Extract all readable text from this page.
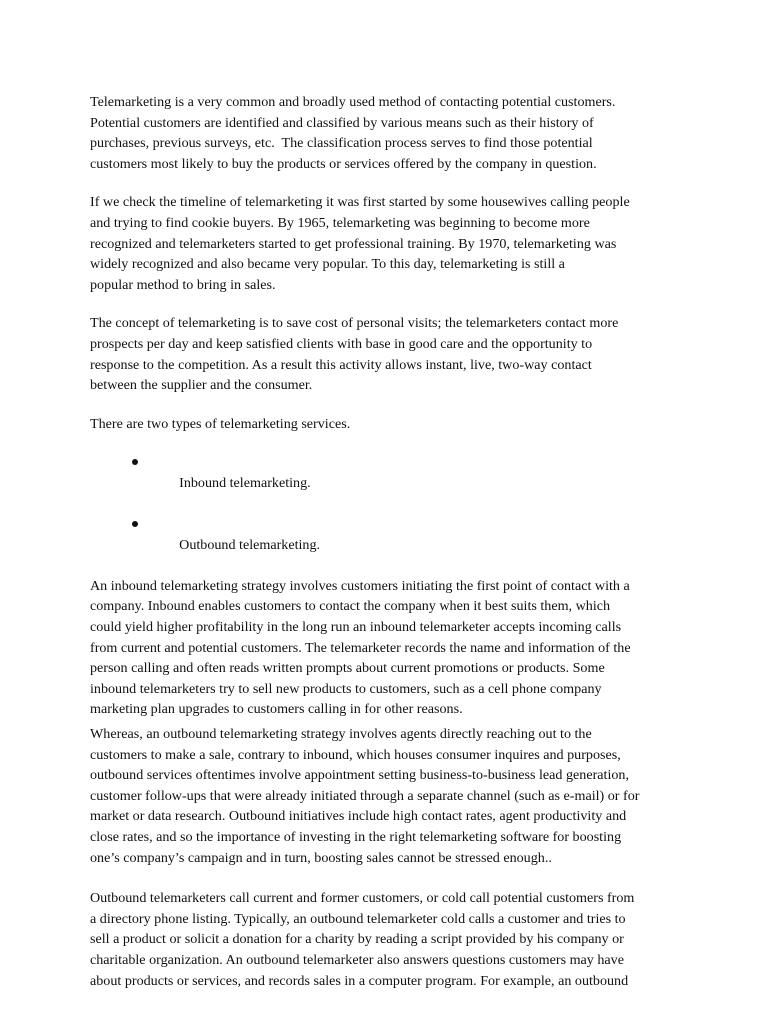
Telemarketing is a very common and broadly used method of contacting potential customers.
Potential customers are identified and classified by various means such as their history of
purchases, previous surveys, etc.  The classification process serves to find those potential
customers most likely to buy the products or services offered by the company in question.
If we check the timeline of telemarketing it was first started by some housewives calling people
and trying to find cookie buyers. By 1965, telemarketing was beginning to become more
recognized and telemarketers started to get professional training. By 1970, telemarketing was
widely recognized and also became very popular. To this day, telemarketing is still a
popular method to bring in sales.
The concept of telemarketing is to save cost of personal visits; the telemarketers contact more
prospects per day and keep satisfied clients with base in good care and the opportunity to
response to the competition. As a result this activity allows instant, live, two-way contact
between the supplier and the consumer.
There are two types of telemarketing services.

Inbound telemarketing.

Outbound telemarketing.

An inbound telemarketing strategy involves customers initiating the first point of contact with a
company. Inbound enables customers to contact the company when it best suits them, which
could yield higher profitability in the long run an inbound telemarketer accepts incoming calls
from current and potential customers. The telemarketer records the name and information of the
person calling and often reads written prompts about current promotions or products. Some
inbound telemarketers try to sell new products to customers, such as a cell phone company
marketing plan upgrades to customers calling in for other reasons.
Whereas, an outbound telemarketing strategy involves agents directly reaching out to the
customers to make a sale, contrary to inbound, which houses consumer inquires and purposes,
outbound services oftentimes involve appointment setting business-to-business lead generation,
customer follow-ups that were already initiated through a separate channel (such as e-mail) or for
market or data research. Outbound initiatives include high contact rates, agent productivity and
close rates, and so the importance of investing in the right telemarketing software for boosting
one’s company’s campaign and in turn, boosting sales cannot be stressed enough..
Outbound telemarketers call current and former customers, or cold call potential customers from
a directory phone listing. Typically, an outbound telemarketer cold calls a customer and tries to
sell a product or solicit a donation for a charity by reading a script provided by his company or
charitable organization. An outbound telemarketer also answers questions customers may have
about products or services, and records sales in a computer program. For example, an outbound
